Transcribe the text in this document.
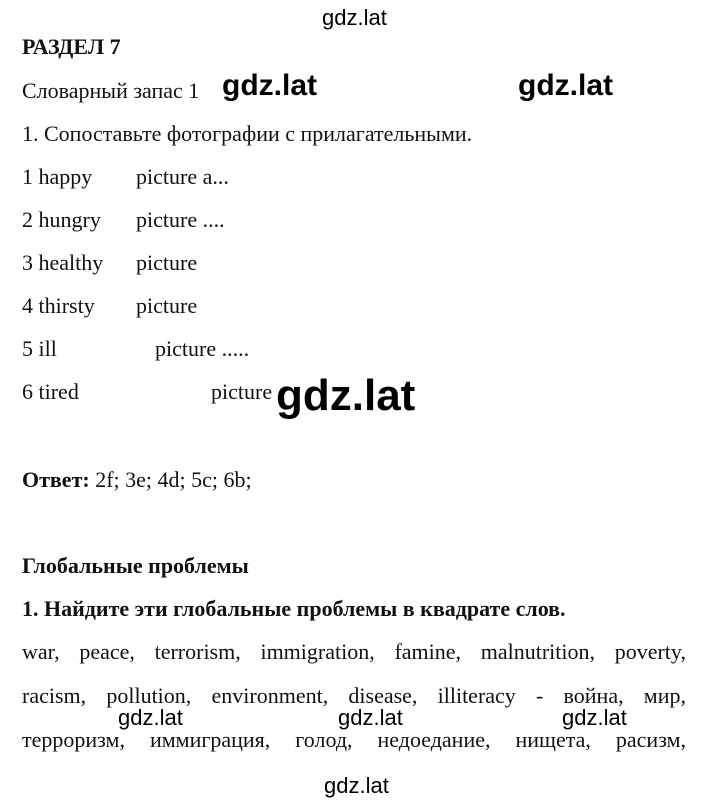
gdz.lat
РАЗДЕЛ 7
Словарный запас 1 gdz.lat	gdz.lat
1. Сопоставьте фотографии с прилагательными.
1 happy picture a...
2 hungry picture ....
3 healthy picture
4 thirsty picture
5 ill	picture .....
6 tired	picture gdz.lat
Ответ: 2f; 3e; 4d; 5c; 6b;
Глобальные проблемы
1. Найдите эти глобальные проблемы в квадрате слов.
war, peace, terrorism, immigration, famine, malnutrition, poverty,
racism, pollution, environment, disease, illiteracy - война, мир,
терроризм, иммиграция, голод, недоедание, нищета, расизм,
gdz.lat	gdz.lat	gdz.lat
gdz.lat
